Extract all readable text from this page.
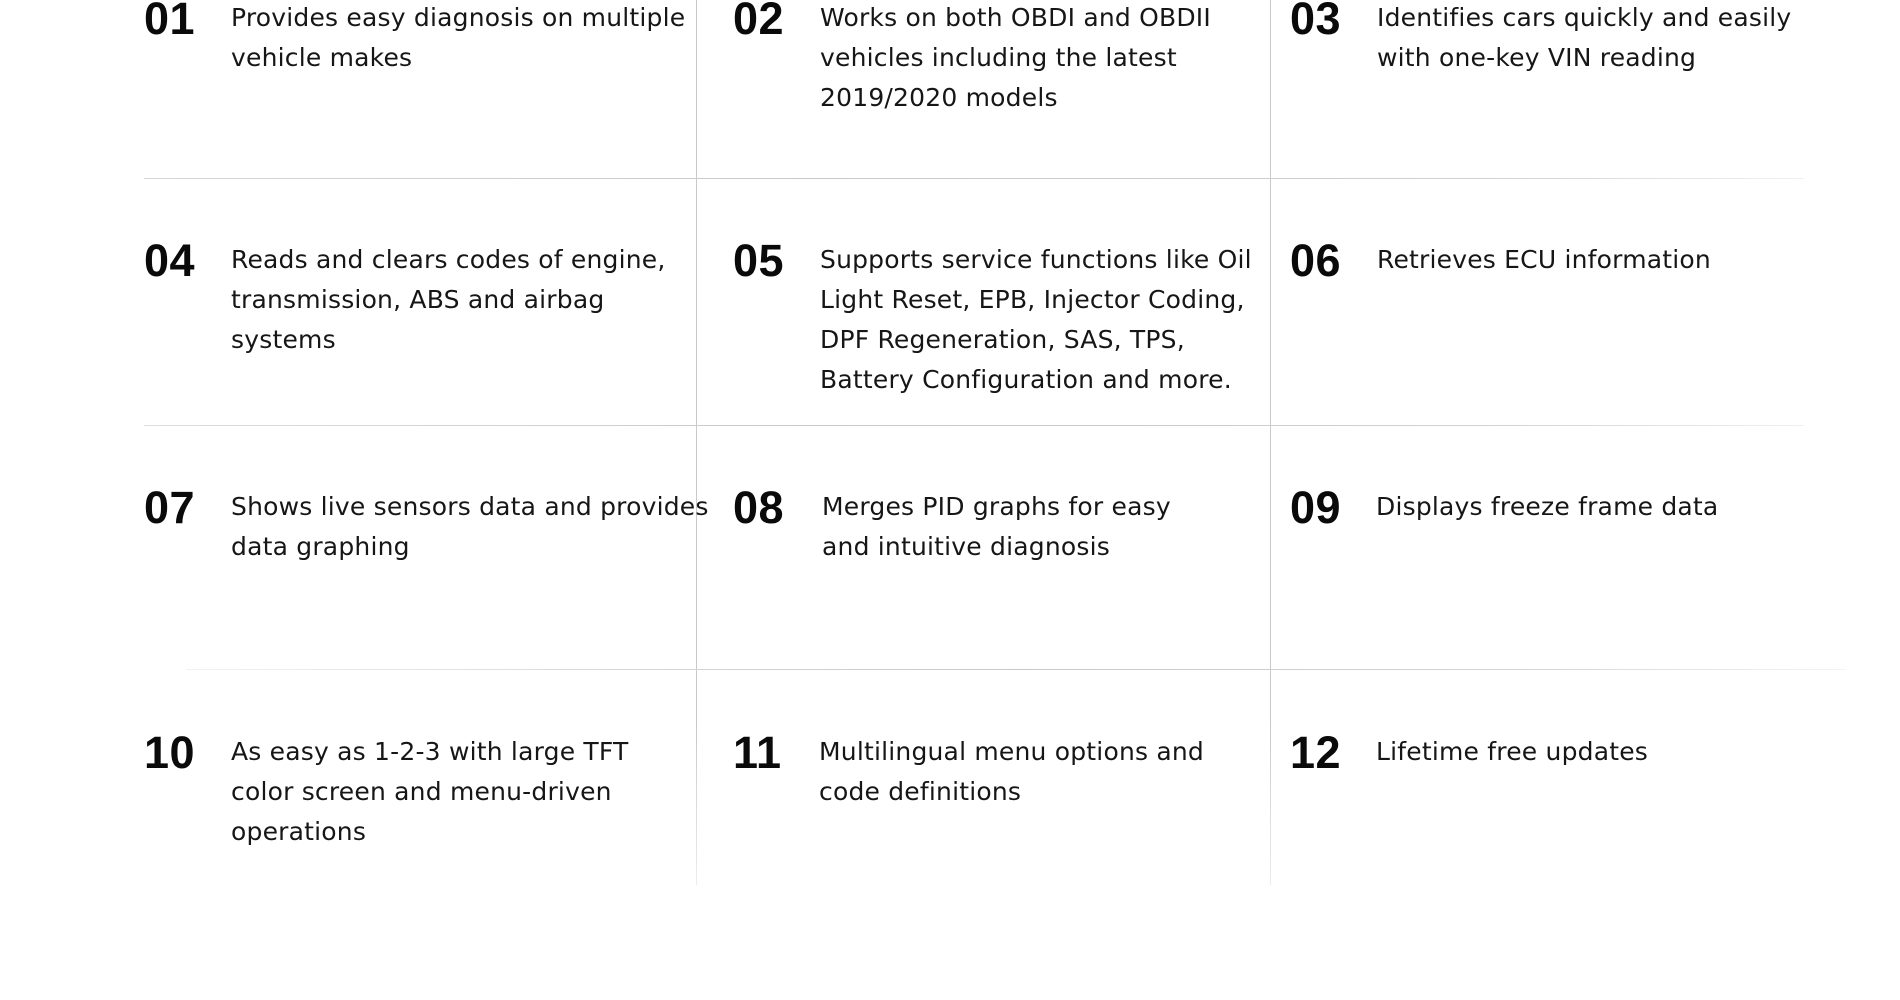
01 Provides easy diagnosis on multiple vehicle makes
02 Works on both OBDI and OBDII vehicles including the latest 2019/2020 models
03 Identifies cars quickly and easily with one-key VIN reading
04 Reads and clears codes of engine, transmission, ABS and airbag systems
05 Supports service functions like Oil Light Reset, EPB, Injector Coding, DPF Regeneration, SAS, TPS, Battery Configuration and more.
06 Retrieves ECU information
07 Shows live sensors data and provides data graphing
08 Merges PID graphs for easy and intuitive diagnosis
09 Displays freeze frame data
10 As easy as 1-2-3 with large TFT color screen and menu-driven operations
11 Multilingual menu options and code definitions
12 Lifetime free updates
